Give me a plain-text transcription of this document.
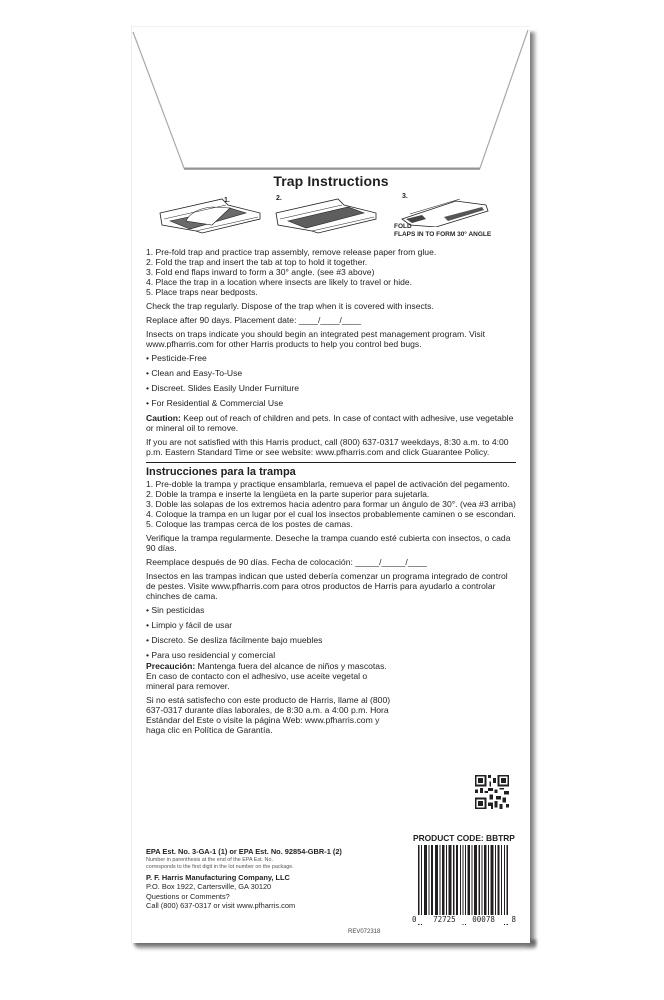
Trap Instructions
1.	2.	3.
FOLD
FLAPS IN TO FORM 30° ANGLE
1. Pre-fold trap and practice trap assembly, remove release paper from glue.
2. Fold the trap and insert the tab at top to hold it together.
3. Fold end flaps inward to form a 30° angle. (see #3 above)
4. Place the trap in a location where insects are likely to travel or hide.
5. Place traps near bedposts.

Check the trap regularly. Dispose of the trap when it is covered with insects.

Replace after 90 days. Placement date: ____/____/____

Insects on traps indicate you should begin an integrated pest management program. Visit www.pfharris.com for other Harris products to help you control bed bugs.

• Pesticide-Free

• Clean and Easy-To-Use

• Discreet. Slides Easily Under Furniture

• For Residential & Commercial Use

Caution: Keep out of reach of children and pets. In case of contact with adhesive, use vegetable or mineral oil to remove.

If you are not satisfied with this Harris product, call (800) 637-0317 weekdays, 8:30 a.m. to 4:00 p.m. Eastern Standard Time or see website: www.pfharris.com and click Guarantee Policy.

Instrucciones para la trampa
1. Pre-doble la trampa y practique ensamblarla, remueva el papel de activación del pegamento.
2. Doble la trampa e inserte la lengüeta en la parte superior para sujetarla.
3. Doble las solapas de los extremos hacia adentro para formar un ángulo de 30°. (vea #3 arriba)
4. Coloque la trampa en un lugar por el cual los insectos probablemente caminen o se escondan.
5. Coloque las trampas cerca de los postes de camas.

Verifique la trampa regularmente. Deseche la trampa cuando esté cubierta con insectos, o cada 90 días.

Reemplace después de 90 días. Fecha de colocación: _____/_____/____

Insectos en las trampas indican que usted debería comenzar un programa integrado de control de pestes. Visite www.pfharris.com para otros productos de Harris para ayudarlo a controlar chinches de cama.

• Sin pesticidas

• Limpio y fácil de usar

• Discreto. Se desliza fácilmente bajo muebles

• Para uso residencial y comercial

Precaución: Mantenga fuera del alcance de niños y mascotas. En caso de contacto con el adhesivo, use aceite vegetal o mineral para remover.

Si no está satisfecho con este producto de Harris, llame al (800) 637-0317 durante días laborales, de 8:30 a.m. a 4:00 p.m. Hora Estándar del Este o visite la página Web: www.pfharris.com y haga clic en Política de Garantía.

PRODUCT CODE: BBTRP
0 72725 00078 8
EPA Est. No. 3-GA-1 (1) or EPA Est. No. 92854-GBR-1 (2)
Number in parenthesis at the end of the EPA Est. No.
corresponds to the first digit in the lot number on the package.
P. F. Harris Manufacturing Company, LLC
P.O. Box 1922, Cartersville, GA 30120
Questions or Comments?
Call (800) 637-0317 or visit www.pfharris.com
REV072318
